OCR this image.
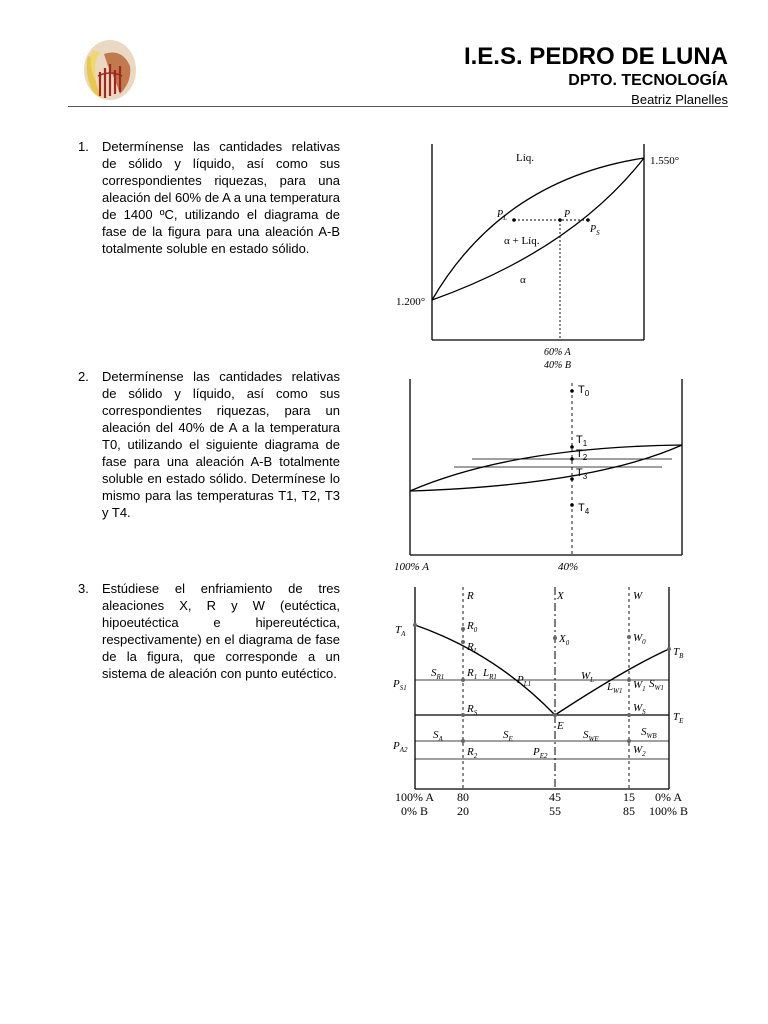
I.E.S. PEDRO DE LUNA
DPTO. TECNOLOGÍA
Beatriz Planelles
1.	Determínense las cantidades relativas de sólido y líquido, así como sus correspondientes riquezas, para una aleación del 60% de A a una temperatura de 1400 ºC, utilizando el diagrama de fase de la figura para una aleación A-B totalmente soluble en estado sólido.
2.	Determínense las cantidades relativas de sólido y líquido, así como sus correspondientes riquezas, para un aleación del 40% de A a la temperatura T0, utilizando el siguiente diagrama de fase para una aleación A-B totalmente soluble en estado sólido. Determínese lo mismo para las temperaturas T1, T2, T3 y T4.
3.	Estúdiese el enfriamiento de tres aleaciones X, R y W (eutéctica, hipoeutéctica e hipereutéctica, respectivamente) en el diagrama de fase de la figura, que corresponde a un sistema de aleación con punto eutéctico.
Líq.	1.550°
1.200°
$P_L$	P
$P_S$
α + Líq.
α
60% A
40% B
$T_0$
$T_1$
$T_2$
$T_3$
$T_4$
100% A	40%
R	X	W
$T_A$
$T_B$
$T_E$
$P_{S1}$
$P_{A2}$
$R_0$
$R_L$
$R_1$
$R_S$
$R_2$
$X_0$	$W_0$
$W_L$	$W_1$
$W_S$
$W_2$
$S_{R1}$	$L_{R1}$ $P_{L1}$	$L_{W1}$
$S_{W1}$
$S_A$	$S_E$	$S_{WE}$
$S_{WB}$
$P_{E2}$
E
100% A 80	45	15 0% A
0% B 20	55	85 100% B
